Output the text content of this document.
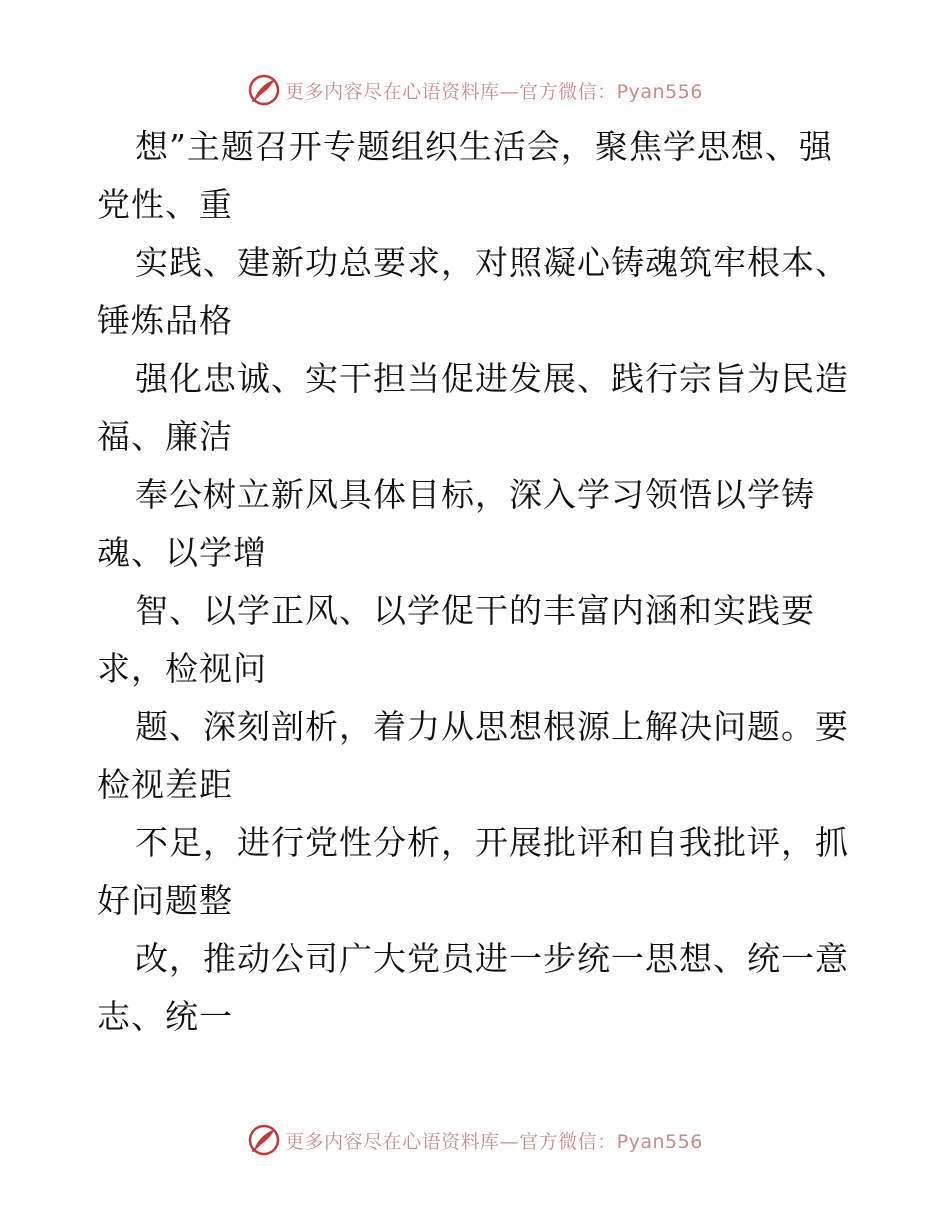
更多内容尽在心语资料库—官方微信：Pyan556
想”主题召开专题组织生活会，聚焦学思想、强
党性、重
实践、建新功总要求，对照凝心铸魂筑牢根本、
锤炼品格
强化忠诚、实干担当促进发展、践行宗旨为民造
福、廉洁
奉公树立新风具体目标，深入学习领悟以学铸
魂、以学增
智、以学正风、以学促干的丰富内涵和实践要
求，检视问
题、深刻剖析，着力从思想根源上解决问题。要
检视差距
不足，进行党性分析，开展批评和自我批评，抓
好问题整
改，推动公司广大党员进一步统一思想、统一意
志、统一
更多内容尽在心语资料库—官方微信：Pyan556
